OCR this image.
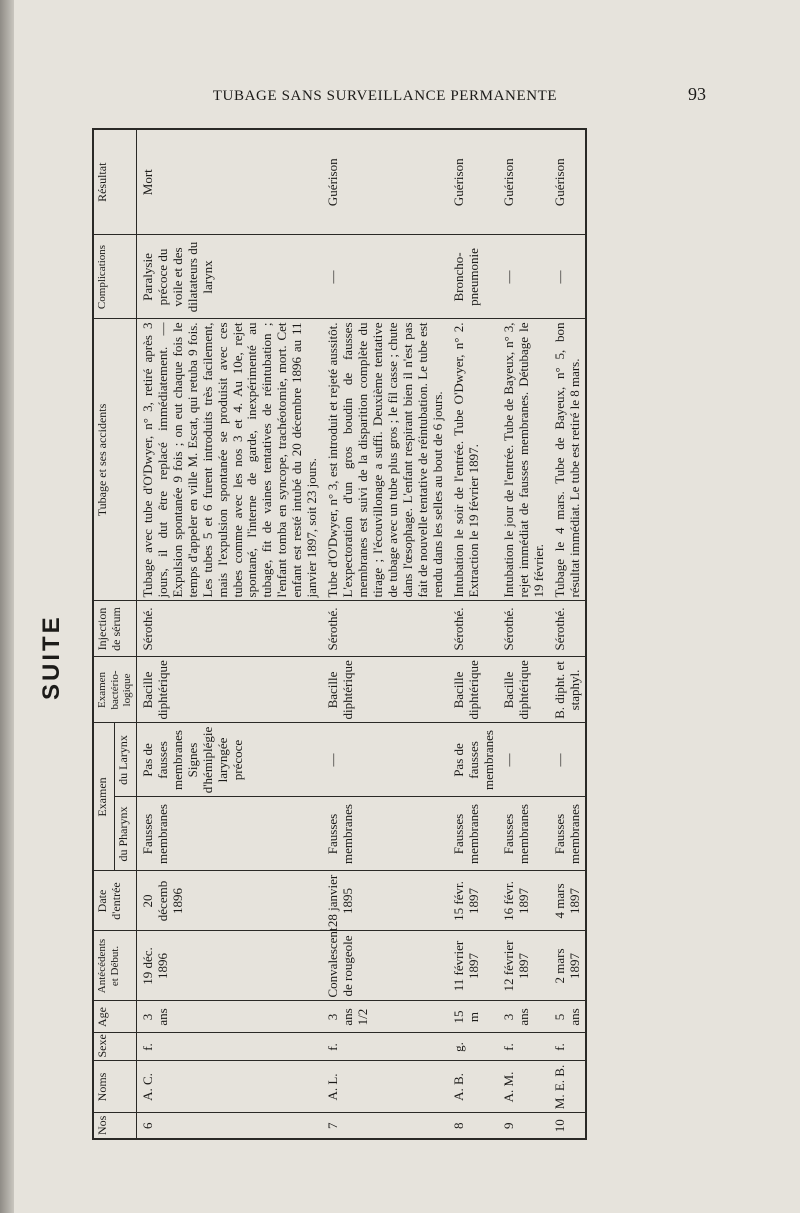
TUBAGE SANS SURVEILLANCE PERMANENTE	93
SUITE
Nos	Noms	Sexe	Age	Antécédents et Début.	Date d'entrée	Examen		Examen bactério-logique	Injection de sérum	Tubage et ses accidents	Complications	Résultat
						du Pharynx	du Larynx					
6	A. C.	f.	3 ans	19 déc. 1896	20 décemb 1896	Fausses membranes	Pas de fausses membranes Signes d'hémiplégie laryngée précoce	Bacille diphtérique	Sérothé.	Tubage avec tube d'O'Dwyer, n° 3, retiré après 3 jours, il dut être replacé immédiatement. — Expulsion spontanée 9 fois ; on eut chaque fois le temps d'appeler en ville M. Escat, qui retuba 9 fois. Les tubes 5 et 6 furent introduits très facilement, mais l'expulsion spontanée se produisit avec ces tubes comme avec les nos 3 et 4. Au 10e, rejet spontané, l'interne de garde, inexpérimenté au tubage, fit de vaines tentatives de réintubation ; l'enfant tomba en syncope, trachéotomie, mort. Cet enfant est resté intubé du 20 décembre 1896 au 11 janvier 1897, soit 23 jours.	Paralysie précoce du voile et des dilatateurs du larynx	Mort
7	A. L.	f.	3 ans 1/2	Convalescent de rougeole	28 janvier 1895	Fausses membranes	—	Bacille diphtérique	Sérothé.	Tube d'O'Dwyer, n° 3, est introduit et rejeté aussitôt. L'expectoration d'un gros boudin de fausses membranes est suivi de la disparition complète du tirage ; l'écouvillonage a suffi. Deuxième tentative de tubage avec un tube plus gros ; le fil casse ; chute dans l'œsophage. L'enfant respirant bien il n'est pas fait de nouvelle tentative de réintubation. Le tube est rendu dans les selles au bout de 6 jours.	—	Guérison
8	A. B.	g.	15 m	11 février 1897	15 févr. 1897	Fausses membranes	Pas de fausses membranes	Bacille diphtérique	Sérothé.	Intubation le soir de l'entrée. Tube O'Dwyer, n° 2. Extraction le 19 février 1897.	Broncho-pneumonie	Guérison
9	A. M.	f.	3 ans	12 février 1897	16 févr. 1897	Fausses membranes	—	Bacille diphtérique	Sérothé.	Intubation le jour de l'entrée. Tube de Bayeux, n° 3, rejet immédiat de fausses membranes. Détubage le 19 février.	—	Guérison
10	M. E. B.	f.	5 ans	2 mars 1897	4 mars 1897	Fausses membranes	—	B. dipht. et staphyl.	Sérothé.	Tubage le 4 mars. Tube de Bayeux, n° 5, bon résultat immédiat. Le tube est retiré le 8 mars.	—	Guérison
